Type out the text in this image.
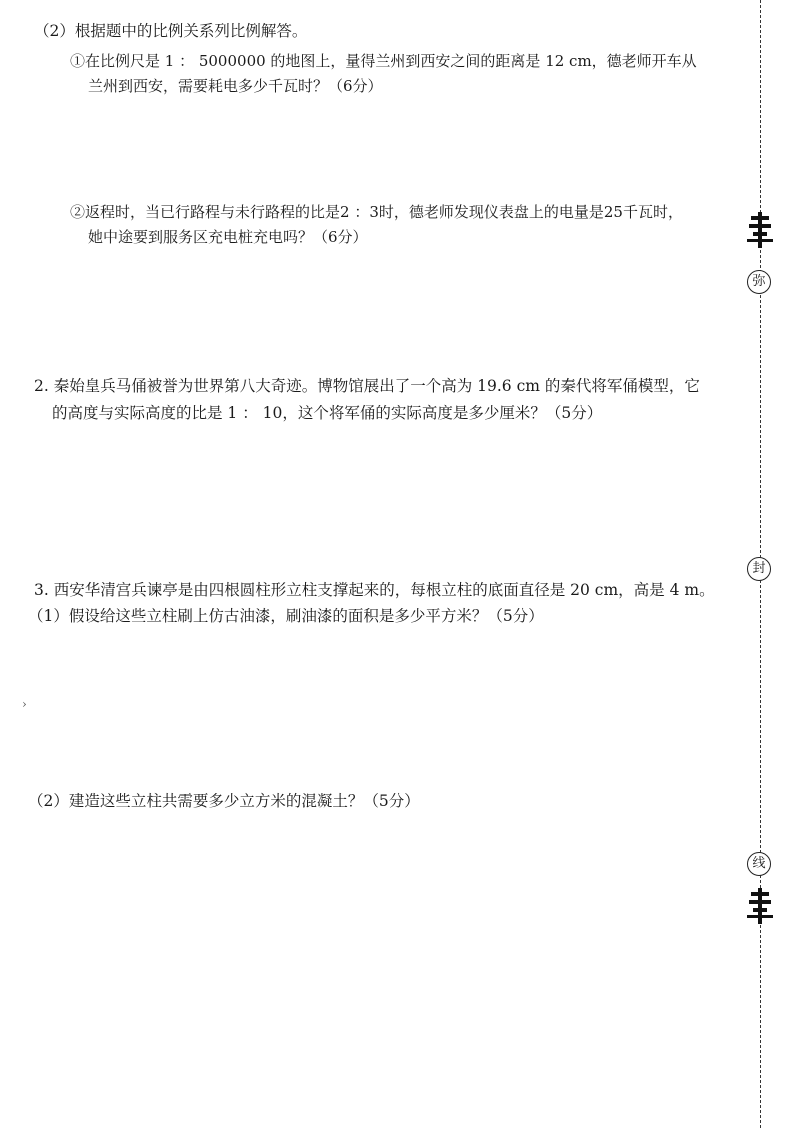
（2）根据题中的比例关系列比例解答。
①在比例尺是 1 ： 5000000 的地图上，量得兰州到西安之间的距离是 12 cm，德老师开车从
兰州到西安，需要耗电多少千瓦时？（6分）
②返程时，当已行路程与未行路程的比是2 ：3时，德老师发现仪表盘上的电量是25千瓦时，
她中途要到服务区充电桩充电吗？（6分）
2. 秦始皇兵马俑被誉为世界第八大奇迹。博物馆展出了一个高为 19.6 cm 的秦代将军俑模型，它
的高度与实际高度的比是 1 ： 10，这个将军俑的实际高度是多少厘米？（5分）
3. 西安华清宫兵谏亭是由四根圆柱形立柱支撑起来的，每根立柱的底面直径是 20 cm，高是 4 m。
（1）假设给这些立柱刷上仿古油漆，刷油漆的面积是多少平方米？（5分）
（2）建造这些立柱共需要多少立方米的混凝土？（5分）
›
弥
封
线
